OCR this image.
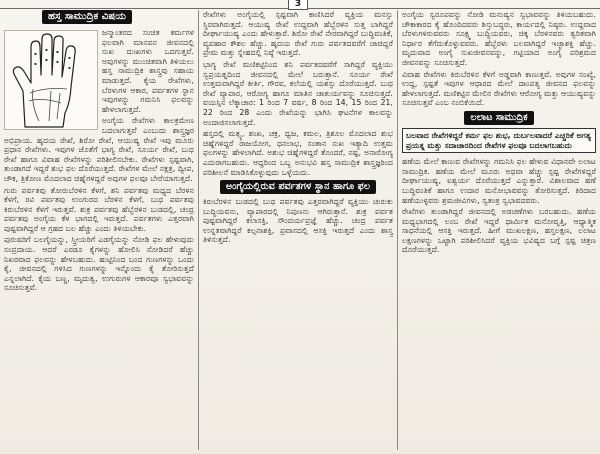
3
ಹಸ್ತ ಸಾಮುದ್ರಿಕ ವಿಷಯ
▪
▪ ▪
▪
▪
▪ ▪
▪

ಜನ್ಮಾಂತರದ ಸಂಚಿತ ಕರ್ಮಗಳ ಫಲವಾಗಿ ಮಾನವನ ಜೀವನದಲ್ಲಿ ಸುಖ ದುಃಖಗಳು ಒದಗುತ್ತವೆ. ಅವುಗಳನ್ನು ಮುಂಚಿತವಾಗಿ ತಿಳಿಯಲು ಹಸ್ತ ಸಾಮುದ್ರಿಕ ಶಾಸ್ತ್ರವು ಸಹಾಯ ಮಾಡುತ್ತದೆ. ಕೈಯ ರೇಖೆಗಳು, ಬೆರಳುಗಳ ಆಕಾರ, ಪರ್ವತಗಳ ಸ್ಥಾನ ಇವುಗಳನ್ನು ಗಮನಿಸಿ ಫಲವನ್ನು ಹೇಳಲಾಗುತ್ತದೆ.

ಅಂಗೈಯ ರೇಖೆಗಳು ಕಾಲಕ್ರಮೇಣ ಬದಲಾಗುತ್ತವೆ ಎಂಬುದು ಶಾಸ್ತ್ರಜ್ಞರ ಅಭಿಪ್ರಾಯ. ಹೃದಯ ರೇಖೆ, ಶಿರೋ ರೇಖೆ, ಆಯುಷ್ಯ ರೇಖೆ ಇವು ಮೂರು ಪ್ರಧಾನ ರೇಖೆಗಳು. ಇವುಗಳ ಜೊತೆಗೆ ಭಾಗ್ಯ ರೇಖೆ, ಸೂರ್ಯ ರೇಖೆ, ಬುಧ ರೇಖೆ ಹಾಗೂ ವಿವಾಹ ರೇಖೆಗಳನ್ನು ಪರಿಶೀಲಿಸಬೇಕು. ರೇಖೆಗಳು ಸ್ಪಷ್ಟವಾಗಿ, ತುಂಡಾಗದೆ ಇದ್ದರೆ ಶುಭ ಫಲ ದೊರೆಯುತ್ತದೆ. ರೇಖೆಗಳ ಮೇಲೆ ನಕ್ಷತ್ರ, ದ್ವೀಪ, ಚೌಕ, ತ್ರಿಕೋಣ ಮೊದಲಾದ ಚಿಹ್ನೆಗಳಿದ್ದರೆ ಅವುಗಳ ಫಲವೂ ಬೇರೆಯಾಗುತ್ತದೆ.

ಗುರು ಪರ್ವತವು ತೋರುಬೆರಳಿನ ಕೆಳಗೆ, ಶನಿ ಪರ್ವತವು ಮಧ್ಯದ ಬೆರಳಿನ ಕೆಳಗೆ, ರವಿ ಪರ್ವತವು ಉಂಗುರದ ಬೆರಳಿನ ಕೆಳಗೆ, ಬುಧ ಪರ್ವತವು ಕಿರುಬೆರಳಿನ ಕೆಳಗೆ ಇರುತ್ತವೆ. ಶುಕ್ರ ಪರ್ವತವು ಹೆಬ್ಬೆರಳಿನ ಬುಡದಲ್ಲಿ, ಚಂದ್ರ ಪರ್ವತವು ಅಂಗೈಯ ಕೆಳ ಭಾಗದಲ್ಲಿ ಇರುತ್ತದೆ. ಪರ್ವತಗಳು ಎತ್ತರವಾಗಿ ಪುಷ್ಟವಾಗಿದ್ದರೆ ಆ ಗ್ರಹದ ಬಲ ಹೆಚ್ಚು ಎಂದು ತಿಳಿಯಬೇಕು.

ಪುರುಷರಿಗೆ ಬಲಗೈಯನ್ನು, ಸ್ತ್ರೀಯರಿಗೆ ಎಡಗೈಯನ್ನು ನೋಡಿ ಫಲ ಹೇಳುವುದು ಸಂಪ್ರದಾಯ. ಆದರೆ ಎರಡೂ ಕೈಗಳನ್ನು ಹೋಲಿಸಿ ನೋಡಿದರೆ ಹೆಚ್ಚು ನಿಖರವಾದ ಫಲವನ್ನು ಹೇಳಬಹುದು. ಹುಟ್ಟಿನಿಂದ ಬಂದ ಗುಣಗಳನ್ನು ಒಂದು ಕೈ, ಜೀವನದಲ್ಲಿ ಗಳಿಸಿದ ಗುಣಗಳನ್ನು ಇನ್ನೊಂದು ಕೈ ತೋರಿಸುತ್ತದೆ ಎನ್ನಲಾಗಿದೆ. ಕೈಯ ಬಣ್ಣ, ಮೃದುತ್ವ, ಉಗುರುಗಳ ಆಕಾರವೂ ಸ್ವಭಾವವನ್ನು ಸೂಚಿಸುತ್ತವೆ.

ರೇಖೆಗಳು ಅಂಗೈಯಲ್ಲಿ ಸ್ಪಷ್ಟವಾಗಿ ಕಾಣಿಸಿದರೆ ವ್ಯಕ್ತಿಯ ಮನಸ್ಸು ಸ್ಥಿರವಾಗಿರುತ್ತದೆ. ಆಯುಷ್ಯ ರೇಖೆ ಉದ್ದವಾಗಿ ಹೆಬ್ಬೆರಳಿನ ಸುತ್ತ ಬಾಗಿದ್ದರೆ ದೀರ್ಘಾಯುಷ್ಯ ಎಂದು ಹೇಳುತ್ತಾರೆ. ಶಿರೋ ರೇಖೆ ನೇರವಾಗಿದ್ದರೆ ಬುದ್ಧಿವಂತಿಕೆ, ವ್ಯವಹಾರ ಕೌಶಲ ಹೆಚ್ಚು. ಹೃದಯ ರೇಖೆ ಗುರು ಪರ್ವತದವರೆಗೆ ಚಾಚಿದ್ದರೆ ಪ್ರೇಮ ಮತ್ತು ಸ್ನೇಹದಲ್ಲಿ ನಿಷ್ಠೆ ಇರುತ್ತದೆ.

ಭಾಗ್ಯ ರೇಖೆ ಮಣಿಕಟ್ಟಿನಿಂದ ಶನಿ ಪರ್ವತದವರೆಗೆ ಸಾಗಿದ್ದರೆ ವ್ಯಕ್ತಿಯು ಸ್ವಪ್ರಯತ್ನದಿಂದ ಜೀವನದಲ್ಲಿ ಮೇಲೆ ಬರುತ್ತಾನೆ. ಸೂರ್ಯ ರೇಖೆ ಉತ್ತಮವಾಗಿದ್ದರೆ ಕೀರ್ತಿ, ಗೌರವ, ಕಲೆಯಲ್ಲಿ ಯಶಸ್ಸು ದೊರೆಯುತ್ತದೆ. ಬುಧ ರೇಖೆ ವ್ಯಾಪಾರ, ಆರೋಗ್ಯ ಹಾಗೂ ಮಾತಿನ ಚಾತುರ್ಯವನ್ನು ಸೂಚಿಸುತ್ತದೆ. ವಯಸ್ಸಿನ ಲೆಕ್ಕಾಚಾರ: 1 ರಿಂದ 7 ವರ್ಷ, 8 ರಿಂದ 14, 15 ರಿಂದ 21, 22 ರಿಂದ 28 ಎಂದು ರೇಖೆಯನ್ನು ಭಾಗಿಸಿ ಘಟನೆಗಳ ಕಾಲವನ್ನು ಅಂದಾಜಿಸಲಾಗುತ್ತದೆ.

ಹಸ್ತದಲ್ಲಿ ಮತ್ಸ್ಯ, ಶಂಖ, ಚಕ್ರ, ಧ್ವಜ, ಕಮಲ, ತ್ರಿಶೂಲ ಮೊದಲಾದ ಶುಭ ಚಿಹ್ನೆಗಳಿದ್ದರೆ ರಾಜಯೋಗ, ಧನಲಾಭ, ಸಂತಾನ ಸುಖ ಇತ್ಯಾದಿ ಉತ್ತಮ ಫಲಗಳನ್ನು ಹೇಳಲಾಗಿದೆ. ಅಶುಭ ಚಿಹ್ನೆಗಳಿದ್ದರೆ ತೊಂದರೆ, ನಷ್ಟ, ಅನಾರೋಗ್ಯ ಎದುರಾಗಬಹುದು. ಆದ್ದರಿಂದ ಒಬ್ಬ ಅನುಭವಿ ಹಸ್ತ ಸಾಮುದ್ರಿಕ ಶಾಸ್ತ್ರಜ್ಞರಿಂದ ಪರಿಶೀಲನೆ ಮಾಡಿಸಿಕೊಳ್ಳುವುದು ಒಳ್ಳೆಯದು.

ಅಂಗೈಯಲ್ಲಿರುವ ಪರ್ವತಗಳ ಸ್ಥಾನ ಹಾಗೂ ಫಲ

ಕಿರುಬೆರಳಿನ ಬುಡದಲ್ಲಿ ಬುಧ ಪರ್ವತವು ಎತ್ತರವಾಗಿದ್ದರೆ ವ್ಯಕ್ತಿಯು ಚುರುಕು ಬುದ್ಧಿಯವನು, ವ್ಯಾಪಾರದಲ್ಲಿ ನಿಪುಣನು ಆಗಿರುತ್ತಾನೆ. ಶುಕ್ರ ಪರ್ವತ ಪುಷ್ಟವಾಗಿದ್ದರೆ ಕಲಾಸಕ್ತಿ, ಸೌಂದರ್ಯಪ್ರಜ್ಞೆ ಹೆಚ್ಚು. ಚಂದ್ರ ಪರ್ವತ ಉನ್ನತವಾಗಿದ್ದರೆ ಕಲ್ಪನಾಶಕ್ತಿ, ಪ್ರವಾಸದಲ್ಲಿ ಆಸಕ್ತಿ ಇರುತ್ತದೆ ಎಂದು ಶಾಸ್ತ್ರ ತಿಳಿಸುತ್ತದೆ.

ಅಂಗೈಯ ಸ್ವರೂಪವನ್ನು ನೋಡಿ ಮನುಷ್ಯನ ಸ್ವಭಾವವನ್ನು ತಿಳಿಯಬಹುದು. ಚೌಕಾಕಾರದ ಕೈ ಹೊಂದಿದವರು ಶಿಸ್ತುಬದ್ಧರು, ಕಾರ್ಯದಲ್ಲಿ ನಿಷ್ಠರು. ಉದ್ದವಾದ ಬೆರಳುಗಳಿರುವವರು ಸೂಕ್ಷ್ಮ ಬುದ್ಧಿಯವರು, ಚಿಕ್ಕ ಬೆರಳಿನವರು ತ್ವರಿತವಾಗಿ ನಿರ್ಧಾರ ತೆಗೆದುಕೊಳ್ಳುವವರು. ಹೆಬ್ಬೆರಳು ಬಲವಾಗಿದ್ದರೆ ಇಚ್ಛಾಶಕ್ತಿ ಹೆಚ್ಚು. ಮೃದುವಾದ ಅಂಗೈ ಸುಖಜೀವನವನ್ನು, ಗಟ್ಟಿಯಾದ ಅಂಗೈ ಪರಿಶ್ರಮದ ಜೀವನವನ್ನು ಸೂಚಿಸುತ್ತದೆ.

ವಿವಾಹ ರೇಖೆಗಳು ಕಿರುಬೆರಳಿನ ಕೆಳಗೆ ಅಡ್ಡವಾಗಿ ಕಾಣುತ್ತವೆ. ಅವುಗಳ ಸಂಖ್ಯೆ, ಉದ್ದ, ಸ್ಪಷ್ಟತೆ ಇವುಗಳ ಆಧಾರದ ಮೇಲೆ ದಾಂಪತ್ಯ ಜೀವನದ ಫಲವನ್ನು ಹೇಳಲಾಗುತ್ತದೆ. ಮಣಿಕಟ್ಟಿನ ಮೇಲಿನ ರೇಖೆಗಳು ಆರೋಗ್ಯ ಮತ್ತು ಆಯುಷ್ಯವನ್ನು ಸೂಚಿಸುತ್ತವೆ ಎಂಬ ನಂಬಿಕೆಯಿದೆ.

ಲಲಾಟ ಸಾಮುದ್ರಿಕ
ಬಲವಾದ ರೇಖೆಗಳಿದ್ದರೆ ಕರ್ಮ ಫಲ ಶುಭ, ದುರ್ಬಲವಾದರೆ ಎಚ್ಚರಿಕೆ ಅಗತ್ಯ
ಪ್ರಯತ್ನ ಮತ್ತು ಸದಾಚಾರದಿಂದ ರೇಖೆಗಳ ಫಲವೂ ಬದಲಾಗಬಹುದು

ಹಣೆಯ ಮೇಲೆ ಕಾಣುವ ರೇಖೆಗಳನ್ನು ಗಮನಿಸಿ ಫಲ ಹೇಳುವ ವಿಧಾನವೇ ಲಲಾಟ ಸಾಮುದ್ರಿಕ. ಹಣೆಯ ಮೇಲೆ ಮೂರು ಅಥವಾ ಹೆಚ್ಚು ಸ್ಪಷ್ಟ ರೇಖೆಗಳಿದ್ದರೆ ದೀರ್ಘಾಯುಷ್ಯ, ಐಶ್ವರ್ಯ ದೊರೆಯುತ್ತದೆ ಎನ್ನುತ್ತಾರೆ. ವಿಶಾಲವಾದ ಹಣೆ ಬುದ್ಧಿವಂತಿಕೆ ಹಾಗೂ ಉದಾರ ಮನೋಭಾವವನ್ನು ತೋರಿಸುತ್ತದೆ. ಕಿರಿದಾದ ಹಣೆಯುಳ್ಳವರು ಶ್ರಮಜೀವಿಗಳು, ಸ್ವತಂತ್ರ ಸ್ವಭಾವದವರು.

ರೇಖೆಗಳು ತುಂಡಾಗಿದ್ದರೆ ಜೀವನದಲ್ಲಿ ಅಡಚಣೆಗಳು ಬರಬಹುದು. ಹಣೆಯ ಮಧ್ಯಭಾಗದಲ್ಲಿ ಲಂಬ ರೇಖೆ ಇದ್ದರೆ ಧಾರ್ಮಿಕ ಮನೋವೃತ್ತಿ, ಆಧ್ಯಾತ್ಮಿಕ ಸಾಧನೆಯಲ್ಲಿ ಆಸಕ್ತಿ ಇರುತ್ತದೆ. ಹೀಗೆ ಮುಖಲಕ್ಷಣ, ಹಸ್ತಲಕ್ಷಣ, ಲಲಾಟ ಲಕ್ಷಣಗಳನ್ನು ಒಟ್ಟಾಗಿ ಪರಿಶೀಲಿಸಿದರೆ ವ್ಯಕ್ತಿಯ ಭವಿಷ್ಯದ ಬಗ್ಗೆ ಸ್ಪಷ್ಟ ಚಿತ್ರಣ ದೊರೆಯುತ್ತದೆ.
